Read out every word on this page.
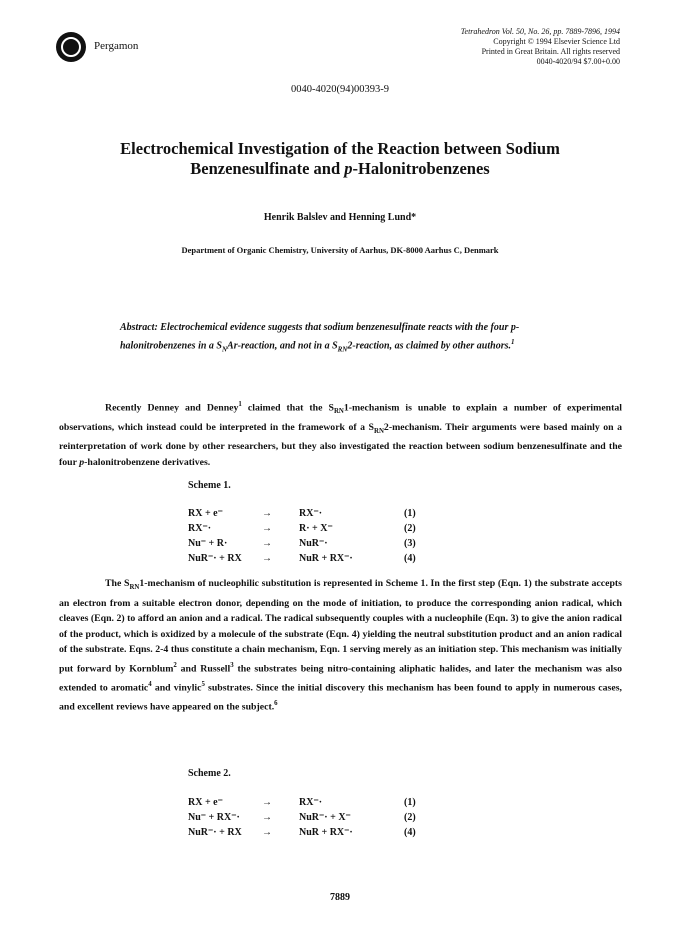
Pergamon
Tetrahedron Vol. 50, No. 26, pp. 7889-7896, 1994
Copyright © 1994 Elsevier Science Ltd
Printed in Great Britain. All rights reserved
0040-4020/94 $7.00+0.00
0040-4020(94)00393-9
Electrochemical Investigation of the Reaction between Sodium
Benzenesulfinate and p-Halonitrobenzenes
Henrik Balslev and Henning Lund*
Department of Organic Chemistry, University of Aarhus, DK-8000 Aarhus C, Denmark
Abstract: Electrochemical evidence suggests that sodium benzenesulfinate reacts with the four p-halonitrobenzenes in a $S_NAr$-reaction, and not in a $S_{RN}2$-reaction, as claimed by other authors.$^1$
Recently Denney and Denney$^1$ claimed that the $S_{RN}1$-mechanism is unable to explain a number of experimental observations, which instead could be interpreted in the framework of a $S_{RN}2$-mechanism. Their arguments were based mainly on a reinterpretation of work done by other researchers, but they also investigated the reaction between sodium benzenesulfinate and the four p-halonitrobenzene derivatives.
Scheme 1.
RX + e⁻	→	RX⁻·	(1)
RX⁻·	→	R· + X⁻	(2)
Nu⁻ + R·	→	NuR⁻·	(3)
NuR⁻· + RX →	NuR + RX⁻·	(4)
The $S_{RN}1$-mechanism of nucleophilic substitution is represented in Scheme 1. In the first step (Eqn. 1) the substrate accepts an electron from a suitable electron donor, depending on the mode of initiation, to produce the corresponding anion radical, which cleaves (Eqn. 2) to afford an anion and a radical. The radical subsequently couples with a nucleophile (Eqn. 3) to give the anion radical of the product, which is oxidized by a molecule of the substrate (Eqn. 4) yielding the neutral substitution product and an anion radical of the substrate. Eqns. 2-4 thus constitute a chain mechanism, Eqn. 1 serving merely as an initiation step. This mechanism was initially put forward by Kornblum$^2$ and Russell$^3$ the substrates being nitro-containing aliphatic halides, and later the mechanism was also extended to aromatic$^4$ and vinylic$^5$ substrates. Since the initial discovery this mechanism has been found to apply in numerous cases, and excellent reviews have appeared on the subject.$^6$
Scheme 2.
RX + e⁻	→	RX⁻·	(1)
Nu⁻ + RX⁻· →	NuR⁻· + X⁻	(2)
NuR⁻· + RX →	NuR + RX⁻·	(4)
7889
